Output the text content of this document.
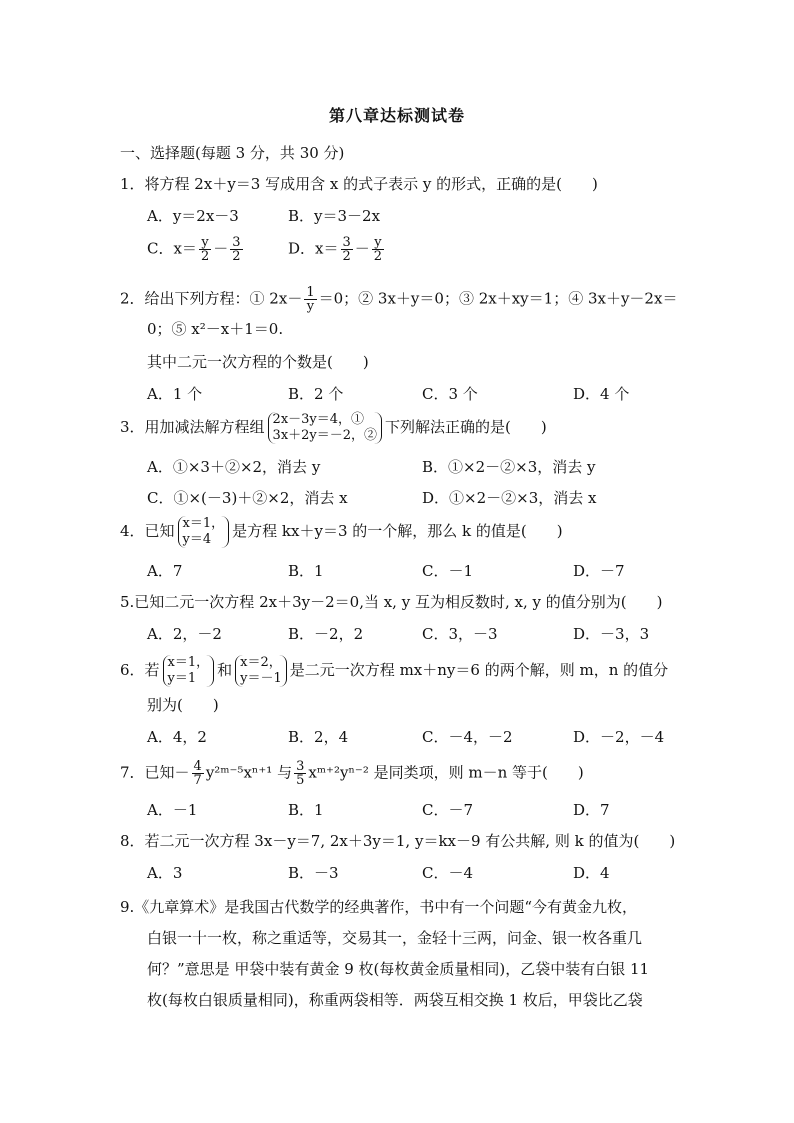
第八章达标测试卷
一、选择题(每题 3 分，共 30 分)
1．将方程 2x＋y＝3 写成用含 x 的式子表示 y 的形式，正确的是(　　)
A．y＝2x－3	B．y＝3－2x
C．$x= \frac{y}{2} - \frac{3}{2}$	D．$x= \frac{3}{2} - \frac{y}{2}$
2．给出下列方程：① $2x- \frac{1}{y} =0$；② 3x＋y＝0；③ 2x＋xy＝1；④ 3x＋y－2x＝
0；⑤ x²－x＋1＝0.
其中二元一次方程的个数是(　　)
A．1 个	B．2 个	C．3 个	D．4 个
3．用加减法解方程组 2x－3y＝4，①
3x＋2y＝－2，② 下列解法正确的是(　　)
A．①×3＋②×2，消去 y	B．①×2－②×3，消去 y
C．①×(－3)＋②×2，消去 x	D．①×2－②×3，消去 x
4．已知 x＝1，
y＝4	是方程 kx＋y＝3 的一个解，那么 k 的值是(　　)
A．7	B．1	C．－1	D．－7
5.已知二元一次方程 2x＋3y－2＝0,当 x, y 互为相反数时, x, y 的值分别为(　　)
A．2，－2	B．－2，2	C．3，－3	D．－3，3
6．若 x＝1，
y＝1	和 x＝2，
y＝－1 是二元一次方程 mx＋ny＝6 的两个解，则 m，n 的值分
别为(　　)
A．4，2	B．2，4	C．－4，－2	D．－2，－4
7．已知－ $\frac{4}{7}$ y²ᵐ⁻⁵xⁿ⁺¹ 与 $\frac{3}{5}$ xᵐ⁺²yⁿ⁻² 是同类项，则 m－n 等于(　　)
A．－1	B．1	C．－7	D．7
8．若二元一次方程 3x－y＝7, 2x＋3y＝1, y＝kx－9 有公共解, 则 k 的值为(　　)
A．3	B．－3	C．－4	D．4
9.《九章算术》是我国古代数学的经典著作，书中有一个问题“今有黄金九枚，
白银一十一枚，称之重适等，交易其一，金轻十三两，问金、银一枚各重几
何？”意思是 甲袋中装有黄金 9 枚(每枚黄金质量相同)，乙袋中装有白银 11
枚(每枚白银质量相同)，称重两袋相等．两袋互相交换 1 枚后，甲袋比乙袋
